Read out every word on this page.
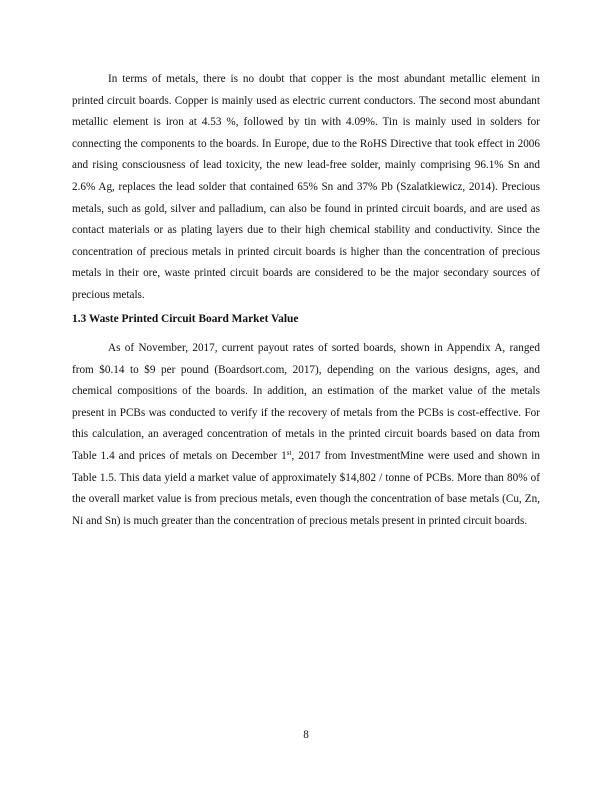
In terms of metals, there is no doubt that copper is the most abundant metallic element in printed circuit boards. Copper is mainly used as electric current conductors. The second most abundant metallic element is iron at 4.53 %, followed by tin with 4.09%. Tin is mainly used in solders for connecting the components to the boards. In Europe, due to the RoHS Directive that took effect in 2006 and rising consciousness of lead toxicity, the new lead-free solder, mainly comprising 96.1% Sn and 2.6% Ag, replaces the lead solder that contained 65% Sn and 37% Pb (Szalatkiewicz, 2014). Precious metals, such as gold, silver and palladium, can also be found in printed circuit boards, and are used as contact materials or as plating layers due to their high chemical stability and conductivity. Since the concentration of precious metals in printed circuit boards is higher than the concentration of precious metals in their ore, waste printed circuit boards are considered to be the major secondary sources of precious metals.

1.3 Waste Printed Circuit Board Market Value

As of November, 2017, current payout rates of sorted boards, shown in Appendix A, ranged from $0.14 to $9 per pound (Boardsort.com, 2017), depending on the various designs, ages, and chemical compositions of the boards. In addition, an estimation of the market value of the metals present in PCBs was conducted to verify if the recovery of metals from the PCBs is cost-effective. For this calculation, an averaged concentration of metals in the printed circuit boards based on data from Table 1.4 and prices of metals on December 1st, 2017 from InvestmentMine were used and shown in Table 1.5. This data yield a market value of approximately $14,802 / tonne of PCBs. More than 80% of the overall market value is from precious metals, even though the concentration of base metals (Cu, Zn, Ni and Sn) is much greater than the concentration of precious metals present in printed circuit boards.

8
